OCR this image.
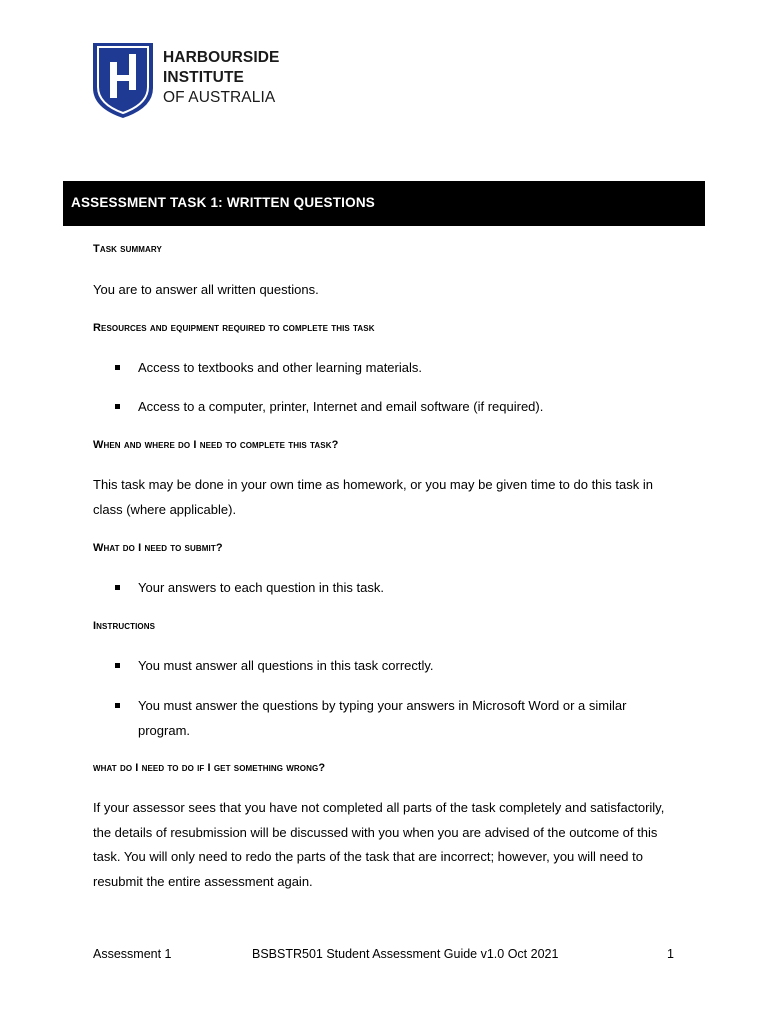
HARBOURSIDE
INSTITUTE
OF AUSTRALIA
ASSESSMENT TASK 1: WRITTEN QUESTIONS
Task summary
You are to answer all written questions.
Resources and equipment required to complete this task
Access to textbooks and other learning materials.
Access to a computer, printer, Internet and email software (if required).
When and where do I need to complete this task?
This task may be done in your own time as homework, or you may be given time to do this task in class (where applicable).
What do I need to submit?
Your answers to each question in this task.
Instructions
You must answer all questions in this task correctly.
You must answer the questions by typing your answers in Microsoft Word or a similar program.
what do I need to do if I get something wrong?
If your assessor sees that you have not completed all parts of the task completely and satisfactorily, the details of resubmission will be discussed with you when you are advised of the outcome of this task. You will only need to redo the parts of the task that are incorrect; however, you will need to resubmit the entire assessment again.
Assessment 1	BSBSTR501 Student Assessment Guide v1.0 Oct 2021	1
